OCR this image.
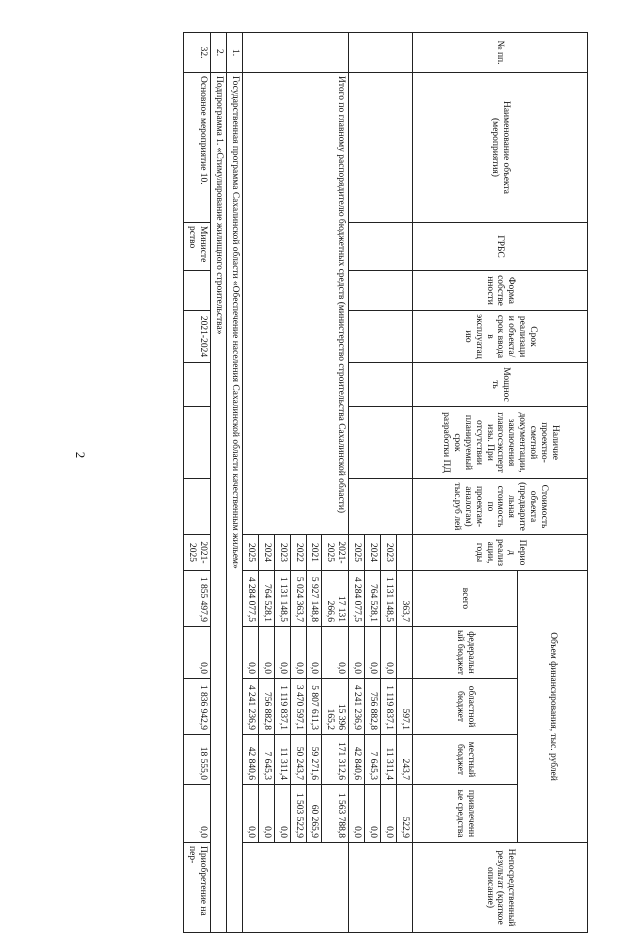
2
№ пп.	Наименование объекта (мероприятия)	ГРБС	Форма собственности	Срок реализации объекта/срок ввода в эксплуатацию	Мощность	Наличие проектно-сметной документации, заключения главгосэкспертизы. При отсутствии планируемый срок разработки ПД	Стоимость объекта (предварительная стоимость по проектам-аналогам) тыс.руб лей	Период реализации, годы	Объем финансирования, тыс. рублей					Непосредственный результат (краткое описание)
									всего	федеральный бюджет	областной бюджет	местный бюджет	привлеченные средства	
									363,7		597,1	243,7	522,9	
								2023	1 131 148,5	0,0	1 119 837,1	11 311,4	0,0	
								2024	764 528,1	0,0	756 882,8	7 645,3	0,0	
								2025	4 284 077,5	0,0	4 241 236,9	42 840,6	0,0	
	Итого по главному распорядителю бюджетных средств (министерство строительства Сахалинской области)							2021-2025	17 131 266,6	0,0	15 396 165,2	171 312,6	1 563 788,8	
								2021	5 927 148,8	0,0	5 807 611,3	59 271,6	60 265,9	
								2022	5 024 363,7	0,0	3 470 597,1	50 243,7	1 503 522,9	
								2023	1 131 148,5	0,0	1 119 837,1	11 311,4	0,0	
								2024	764 528,1	0,0	756 882,8	7 645,3	0,0	
								2025	4 284 077,5	0,0	4 241 236,9	42 840,6	0,0	
1.	Государственная программа Сахалинской области «Обеспечение населения Сахалинской области качественным жильем»													
2.	Подпрограмма 1. «Стимулирование жилищного строительства»													
32.	Основное мероприятие 10.	Министерство		2021-2024				2021-2025	1 855 497,9	0,0	1 836 942,9	18 555,0	0,0	Приобретение на пер-
